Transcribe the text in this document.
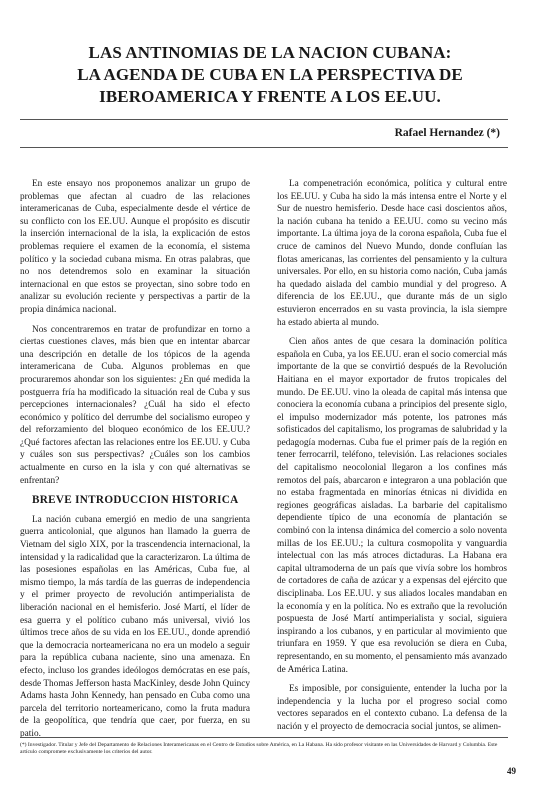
LAS ANTINOMIAS DE LA NACION CUBANA:
LA AGENDA DE CUBA EN LA PERSPECTIVA DE
IBEROAMERICA Y FRENTE A LOS EE.UU.

Rafael Hernandez (*)

En este ensayo nos proponemos analizar un grupo de problemas que afectan al cuadro de las relaciones interamericanas de Cuba, especialmente desde el vértice de su conflicto con los EE.UU. Aunque el propósito es discutir la inserción internacional de la isla, la explicación de estos problemas requiere el examen de la economía, el sistema político y la sociedad cubana misma. En otras palabras, que no nos detendremos solo en examinar la situación internacional en que estos se proyectan, sino sobre todo en analizar su evolución reciente y perspectivas a partir de la propia dinámica nacional.

Nos concentraremos en tratar de profundizar en torno a ciertas cuestiones claves, más bien que en intentar abarcar una descripción en detalle de los tópicos de la agenda interamericana de Cuba. Algunos problemas en que procuraremos ahondar son los siguientes: ¿En qué medida la postguerra fría ha modificado la situación real de Cuba y sus percepciones internacionales? ¿Cuál ha sido el efecto económico y político del derrumbe del socialismo europeo y del reforzamiento del bloqueo económico de los EE.UU.? ¿Qué factores afectan las relaciones entre los EE.UU. y Cuba y cuáles son sus perspectivas? ¿Cuáles son los cambios actualmente en curso en la isla y con qué alternativas se enfrentan?

BREVE INTRODUCCION HISTORICA

La nación cubana emergió en medio de una sangrienta guerra anticolonial, que algunos han llamado la guerra de Vietnam del siglo XIX, por la trascendencia internacional, la intensidad y la radicalidad que la caracterizaron. La última de las posesiones españolas en las Américas, Cuba fue, al mismo tiempo, la más tardía de las guerras de independencia y el primer proyecto de revolución antimperialista de liberación nacional en el hemisferio. José Martí, el líder de esa guerra y el político cubano más universal, vivió los últimos trece años de su vida en los EE.UU., donde aprendió que la democracia norteamericana no era un modelo a seguir para la república cubana naciente, sino una amenaza. En efecto, incluso los grandes ideólogos demócratas en ese país, desde Thomas Jefferson hasta MacKinley, desde John Quincy Adams hasta John Kennedy, han pensado en Cuba como una parcela del territorio norteamericano, como la fruta madura de la geopolítica, que tendría que caer, por fuerza, en su patio.

La compenetración económica, política y cultural entre los EE.UU. y Cuba ha sido la más intensa entre el Norte y el Sur de nuestro hemisferio. Desde hace casi doscientos años, la nación cubana ha tenido a EE.UU. como su vecino más importante. La última joya de la corona española, Cuba fue el cruce de caminos del Nuevo Mundo, donde confluían las flotas americanas, las corrientes del pensamiento y la cultura universales. Por ello, en su historia como nación, Cuba jamás ha quedado aislada del cambio mundial y del progreso. A diferencia de los EE.UU., que durante más de un siglo estuvieron encerrados en su vasta provincia, la isla siempre ha estado abierta al mundo.

Cien años antes de que cesara la dominación política española en Cuba, ya los EE.UU. eran el socio comercial más importante de la que se convirtió después de la Revolución Haitiana en el mayor exportador de frutos tropicales del mundo. De EE.UU. vino la oleada de capital más intensa que conociera la economía cubana a principios del presente siglo, el impulso modernizador más potente, los patrones más sofisticados del capitalismo, los programas de salubridad y la pedagogía modernas. Cuba fue el primer país de la región en tener ferrocarril, teléfono, televisión. Las relaciones sociales del capitalismo neocolonial llegaron a los confines más remotos del país, abarcaron e integraron a una población que no estaba fragmentada en minorías étnicas ni dividida en regiones geográficas aisladas. La barbarie del capitalismo dependiente típico de una economía de plantación se combinó con la intensa dinámica del comercio a solo noventa millas de los EE.UU.; la cultura cosmopolita y vanguardia intelectual con las más atroces dictaduras. La Habana era capital ultramoderna de un país que vivía sobre los hombros de cortadores de caña de azúcar y a expensas del ejército que disciplinaba. Los EE.UU. y sus aliados locales mandaban en la economía y en la política. No es extraño que la revolución pospuesta de José Martí antimperialista y social, siguiera inspirando a los cubanos, y en particular al movimiento que triunfara en 1959. Y que esa revolución se diera en Cuba, representando, en su momento, el pensamiento más avanzado de América Latina.

Es imposible, por consiguiente, entender la lucha por la independencia y la lucha por el progreso social como vectores separados en el contexto cubano. La defensa de la nación y el proyecto de democracia social juntos, se alimen-

(*) Investigador. Titular y Jefe del Departamento de Relaciones Interamericanas en el Centro de Estudios sobre América, en La Habana. Ha sido profesor visitante en las Universidades de Harvard y Columbia. Este artículo compromete exclusivamente los criterios del autor.

49
